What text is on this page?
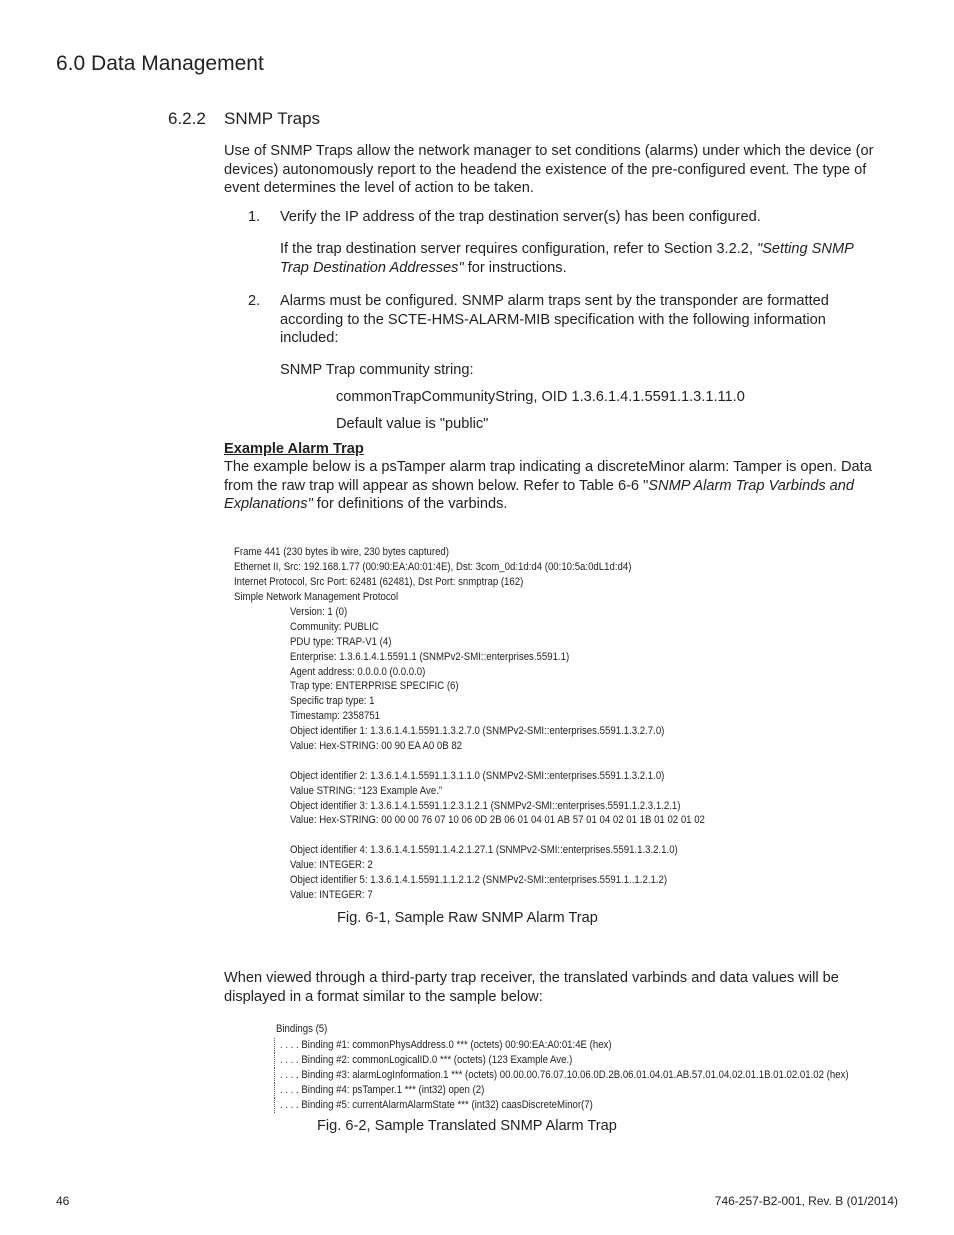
6.0 Data Management
6.2.2 SNMP Traps

Use of SNMP Traps allow the network manager to set conditions (alarms) under which the device (or devices) autonomously report to the headend the existence of the pre-configured event. The type of event determines the level of action to be taken.

1. Verify the IP address of the trap destination server(s) has been configured.

If the trap destination server requires configuration, refer to Section 3.2.2, "Setting SNMP Trap Destination Addresses" for instructions.

2. Alarms must be configured. SNMP alarm traps sent by the transponder are formatted according to the SCTE-HMS-ALARM-MIB specification with the following information included:

SNMP Trap community string:

commonTrapCommunityString, OID 1.3.6.1.4.1.5591.1.3.1.11.0

Default value is "public"

Example Alarm Trap

The example below is a psTamper alarm trap indicating a discreteMinor alarm: Tamper is open. Data from the raw trap will appear as shown below. Refer to Table 6-6 "SNMP Alarm Trap Varbinds and Explanations" for definitions of the varbinds.

Frame 441 (230 bytes ib wire, 230 bytes captured)
Ethernet II, Src: 192.168.1.77 (00:90:EA:A0:01:4E), Dst: 3com_0d:1d:d4 (00:10:5a:0dL1d:d4)
Internet Protocol, Src Port: 62481 (62481), Dst Port: snmptrap (162)
Simple Network Management Protocol
Version: 1 (0)
Community: PUBLIC
PDU type: TRAP-V1 (4)
Enterprise: 1.3.6.1.4.1.5591.1 (SNMPv2-SMI::enterprises.5591.1)
Agent address: 0.0.0.0 (0.0.0.0)
Trap type: ENTERPRISE SPECIFIC (6)
Specific trap type: 1
Timestamp: 2358751
Object identifier 1: 1.3.6.1.4.1.5591.1.3.2.7.0 (SNMPv2-SMI::enterprises.5591.1.3.2.7.0)
Value: Hex-STRING: 00 90 EA A0 0B 82
Object identifier 2: 1.3.6.1.4.1.5591.1.3.1.1.0 (SNMPv2-SMI::enterprises.5591.1.3.2.1.0)
Value STRING: “123 Example Ave.”
Object identifier 3: 1.3.6.1.4.1.5591.1.2.3.1.2.1 (SNMPv2-SMI::enterprises.5591.1.2.3.1.2.1)
Value: Hex-STRING: 00 00 00 76 07 10 06 0D 2B 06 01 04 01 AB 57 01 04 02 01 1B 01 02 01 02
Object identifier 4: 1.3.6.1.4.1.5591.1.4.2.1.27.1 (SNMPv2-SMI::enterprises.5591.1.3.2.1.0)
Value: INTEGER: 2
Object identifier 5: 1.3.6.1.4.1.5591.1.1.2.1.2 (SNMPv2-SMI::enterprises.5591.1..1.2.1.2)
Value: INTEGER: 7
Fig. 6-1, Sample Raw SNMP Alarm Trap

When viewed through a third-party trap receiver, the translated varbinds and data values will be displayed in a format similar to the sample below:

Bindings (5)
. . . . Binding #1: commonPhysAddress.0 *** (octets) 00:90:EA:A0:01:4E (hex)
. . . . Binding #2: commonLogicalID.0 *** (octets) (123 Example Ave.)
. . . . Binding #3: alarmLogInformation.1 *** (octets) 00.00.00.76.07.10.06.0D.2B.06.01.04.01.AB.57.01.04.02.01.1B.01.02.01.02 (hex)
. . . . Binding #4: psTamper.1 *** (int32) open (2)
. . . . Binding #5: currentAlarmAlarmState *** (int32) caasDiscreteMinor(7)
Fig. 6-2, Sample Translated SNMP Alarm Trap
46	746-257-B2-001, Rev. B (01/2014)
